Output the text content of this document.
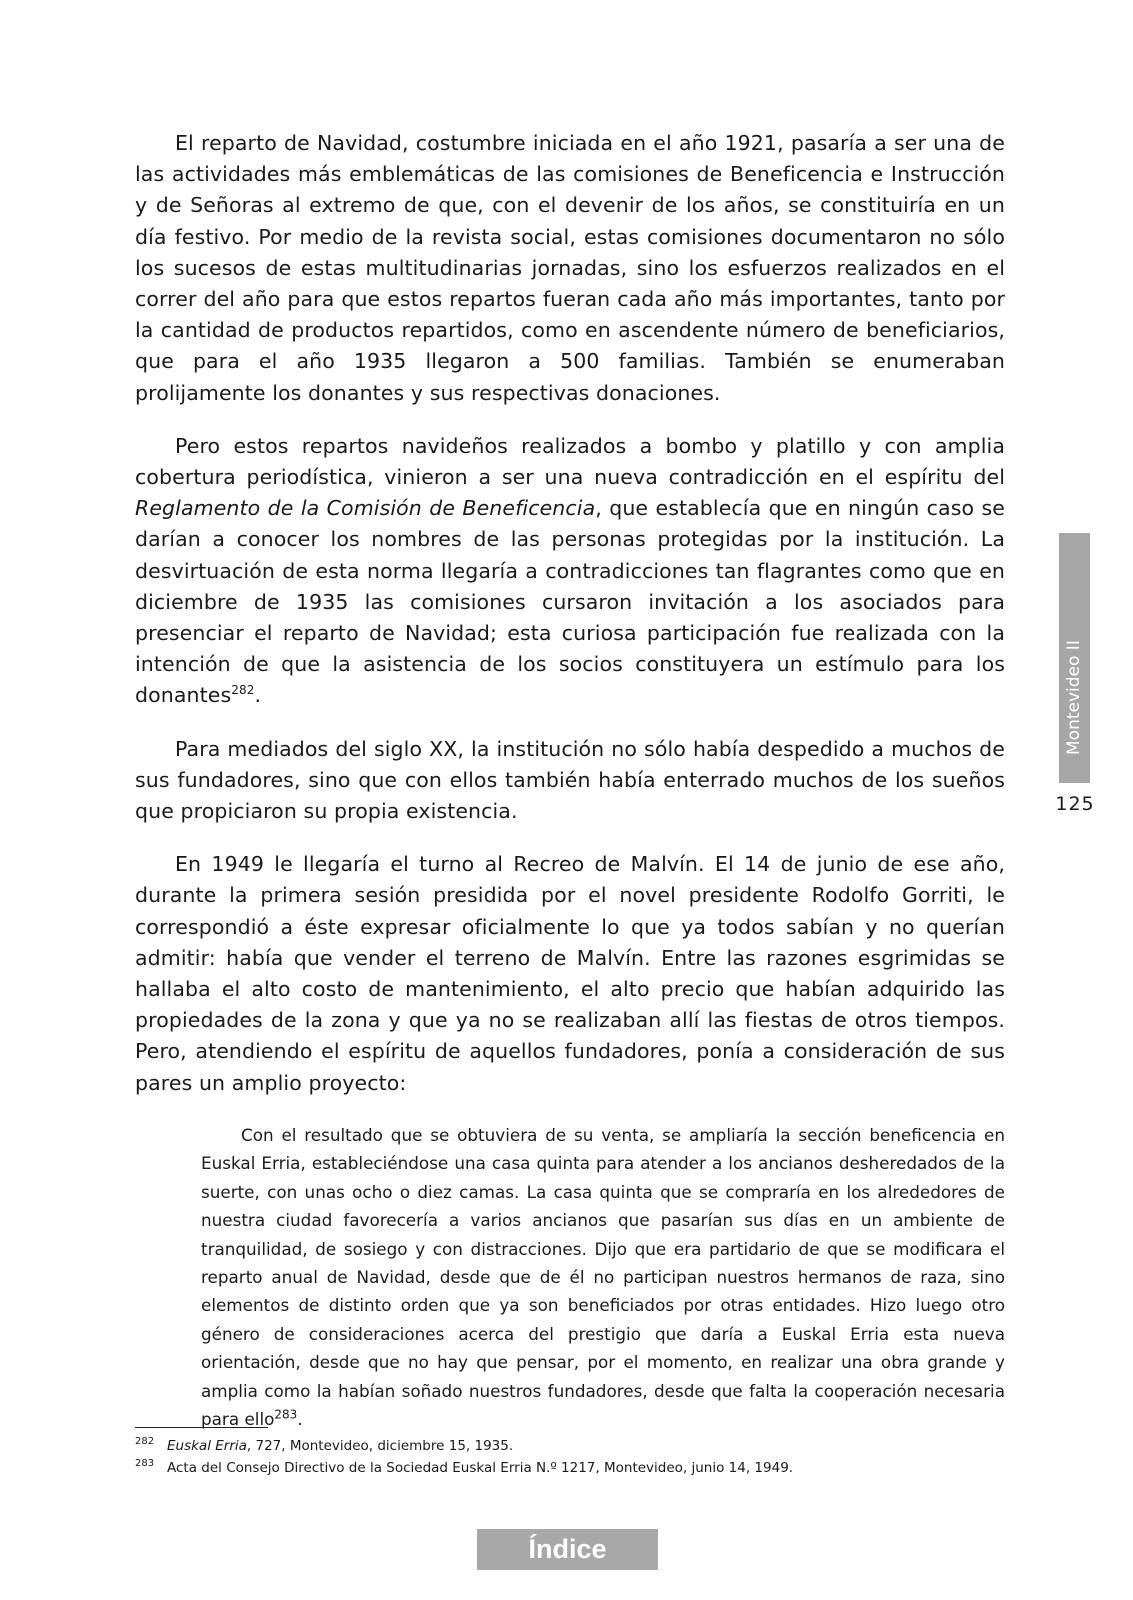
El reparto de Navidad, costumbre iniciada en el año 1921, pasaría a ser una de las actividades más emblemáticas de las comisiones de Beneficencia e Instrucción y de Señoras al extremo de que, con el devenir de los años, se constituiría en un día festivo. Por medio de la revista social, estas comisiones documentaron no sólo los sucesos de estas multitudinarias jornadas, sino los esfuerzos realizados en el correr del año para que estos repartos fueran cada año más importantes, tanto por la cantidad de productos repartidos, como en ascendente número de beneficiarios, que para el año 1935 llegaron a 500 familias. También se enumeraban prolijamente los donantes y sus respectivas donaciones.

Pero estos repartos navideños realizados a bombo y platillo y con amplia cobertura periodística, vinieron a ser una nueva contradicción en el espíritu del Reglamento de la Comisión de Beneficencia, que establecía que en ningún caso se darían a conocer los nombres de las personas protegidas por la institución. La desvirtuación de esta norma llegaría a contradicciones tan flagrantes como que en diciembre de 1935 las comisiones cursaron invitación a los asociados para presenciar el reparto de Navidad; esta curiosa participación fue realizada con la intención de que la asistencia de los socios constituyera un estímulo para los donantes$^{282}$.

Para mediados del siglo XX, la institución no sólo había despedido a muchos de sus fundadores, sino que con ellos también había enterrado muchos de los sueños que propiciaron su propia existencia.

En 1949 le llegaría el turno al Recreo de Malvín. El 14 de junio de ese año, durante la primera sesión presidida por el novel presidente Rodolfo Gorriti, le correspondió a éste expresar oficialmente lo que ya todos sabían y no querían admitir: había que vender el terreno de Malvín. Entre las razones esgrimidas se hallaba el alto costo de mantenimiento, el alto precio que habían adquirido las propiedades de la zona y que ya no se realizaban allí las fiestas de otros tiempos. Pero, atendiendo el espíritu de aquellos fundadores, ponía a consideración de sus pares un amplio proyecto:

Con el resultado que se obtuviera de su venta, se ampliaría la sección beneficencia en Euskal Erria, estableciéndose una casa quinta para atender a los ancianos desheredados de la suerte, con unas ocho o diez camas. La casa quinta que se compraría en los alrededores de nuestra ciudad favorecería a varios ancianos que pasarían sus días en un ambiente de tranquilidad, de sosiego y con distracciones. Dijo que era partidario de que se modificara el reparto anual de Navidad, desde que de él no participan nuestros hermanos de raza, sino elementos de distinto orden que ya son beneficiados por otras entidades. Hizo luego otro género de consideraciones acerca del prestigio que daría a Euskal Erria esta nueva orientación, desde que no hay que pensar, por el momento, en realizar una obra grande y amplia como la habían soñado nuestros fundadores, desde que falta la cooperación necesaria para ello$^{283}$.

282 Euskal Erria, 727, Montevideo, diciembre 15, 1935.
283 Acta del Consejo Directivo de la Sociedad Euskal Erria N.º 1217, Montevideo, junio 14, 1949.
Montevideo II
125
Índice
